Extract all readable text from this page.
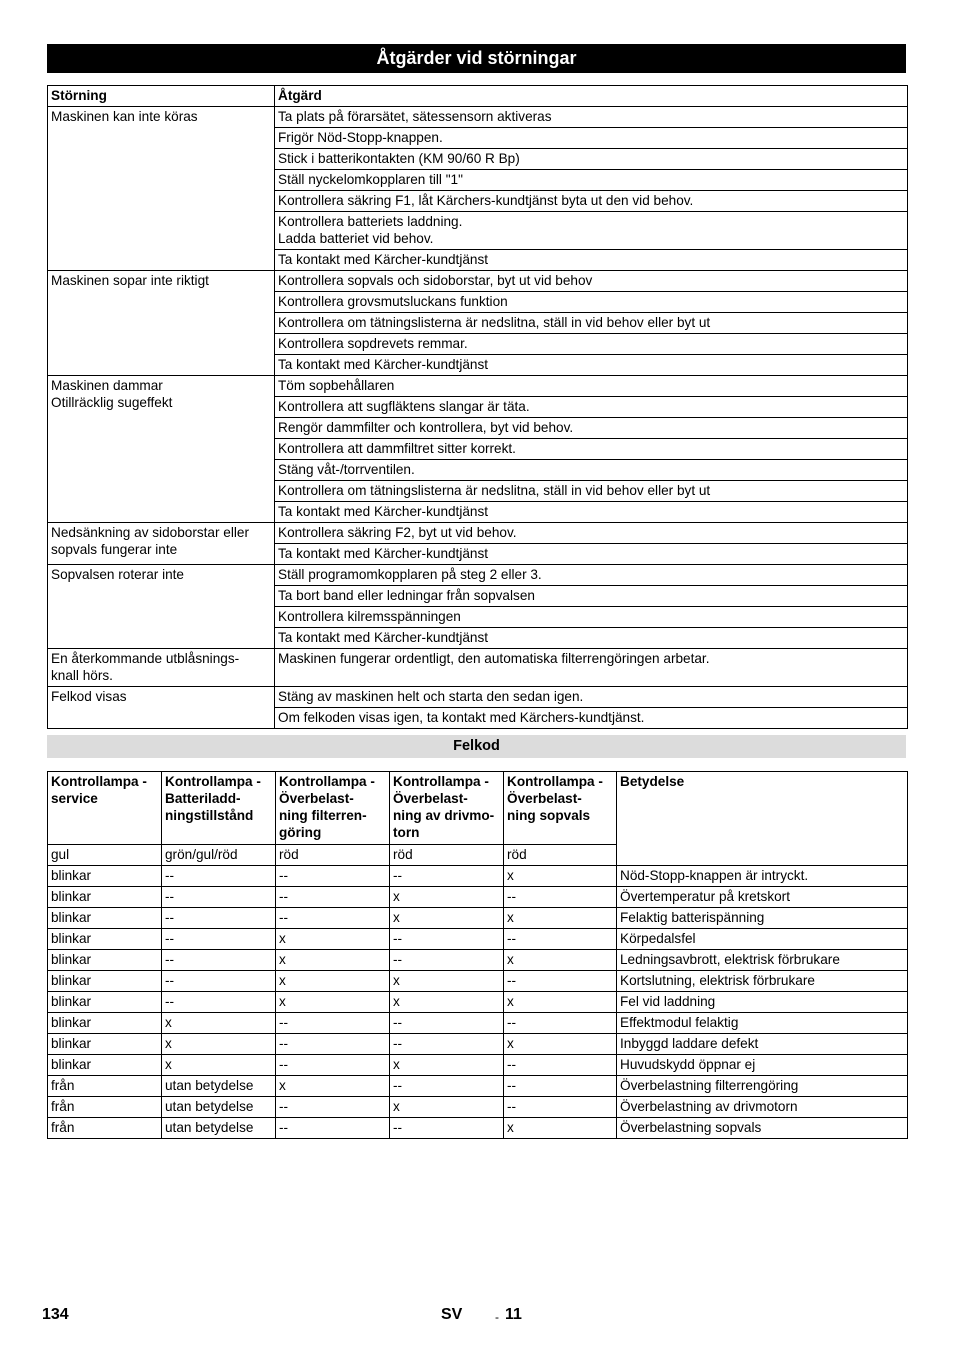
Åtgärder vid störningar
Störning	Åtgärd
Maskinen kan inte köras	Ta plats på förarsätet, sätessensorn aktiveras
	Frigör Nöd-Stopp-knappen.
	Stick i batterikontakten (KM 90/60 R Bp)
	Ställ nyckelomkopplaren till "1"
	Kontrollera säkring F1, låt Kärchers-kundtjänst byta ut den vid behov.
	Kontrollera batteriets laddning.
Ladda batteriet vid behov.
	Ta kontakt med Kärcher-kundtjänst
Maskinen sopar inte riktigt	Kontrollera sopvals och sidoborstar, byt ut vid behov
	Kontrollera grovsmutsluckans funktion
	Kontrollera om tätningslisterna är nedslitna, ställ in vid behov eller byt ut
	Kontrollera sopdrevets remmar.
	Ta kontakt med Kärcher-kundtjänst
Maskinen dammar
Otillräcklig sugeffekt	Töm sopbehållaren
	Kontrollera att sugfläktens slangar är täta.
	Rengör dammfilter och kontrollera, byt vid behov.
	Kontrollera att dammfiltret sitter korrekt.
	Stäng våt-/torrventilen.
	Kontrollera om tätningslisterna är nedslitna, ställ in vid behov eller byt ut
	Ta kontakt med Kärcher-kundtjänst
Nedsänkning av sidoborstar eller sopvals fungerar inte	Kontrollera säkring F2, byt ut vid behov.
	Ta kontakt med Kärcher-kundtjänst
Sopvalsen roterar inte	Ställ programomkopplaren på steg 2 eller 3.
	Ta bort band eller ledningar från sopvalsen
	Kontrollera kilremsspänningen
	Ta kontakt med Kärcher-kundtjänst
En återkommande utblåsnings-
knall hörs.	Maskinen fungerar ordentligt, den automatiska filterrengöringen arbetar.
Felkod visas	Stäng av maskinen helt och starta den sedan igen.
	Om felkoden visas igen, ta kontakt med Kärchers-kundtjänst.
Felkod
Kontrollampa -
service	Kontrollampa -
Batteriladd-
ningstillstånd	Kontrollampa -
Överbelast-
ning filterren-
göring	Kontrollampa -
Överbelast-
ning av drivmo-
torn	Kontrollampa -
Överbelast-
ning sopvals	Betydelse
gul	grön/gul/röd	röd	röd	röd	
blinkar	--	--	--	x	Nöd-Stopp-knappen är intryckt.
blinkar	--	--	x	--	Övertemperatur på kretskort
blinkar	--	--	x	x	Felaktig batterispänning
blinkar	--	x	--	--	Körpedalsfel
blinkar	--	x	--	x	Ledningsavbrott, elektrisk förbrukare
blinkar	--	x	x	--	Kortslutning, elektrisk förbrukare
blinkar	--	x	x	x	Fel vid laddning
blinkar	x	--	--	--	Effektmodul felaktig
blinkar	x	--	--	x	Inbyggd laddare defekt
blinkar	x	--	x	--	Huvudskydd öppnar ej
från	utan betydelse	x	--	--	Överbelastning filterrengöring
från	utan betydelse	--	x	--	Överbelastning av drivmotorn
från	utan betydelse	--	--	x	Överbelastning sopvals
134	SV	- 11
